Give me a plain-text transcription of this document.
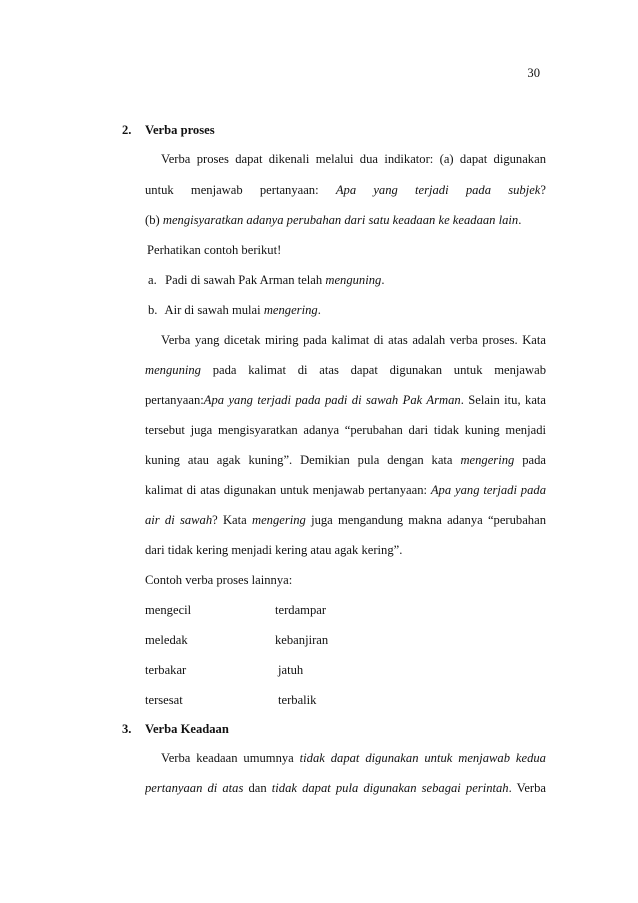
30
2. Verba proses
Verba proses dapat dikenali melalui dua indikator: (a) dapat digunakan
untuk menjawab pertanyaan: Apa yang terjadi pada subjek?
(b) mengisyaratkan adanya perubahan dari satu keadaan ke keadaan lain.
Perhatikan contoh berikut!
a. Padi di sawah Pak Arman telah menguning.
b. Air di sawah mulai mengering.
Verba yang dicetak miring pada kalimat di atas adalah verba proses. Kata
menguning pada kalimat di atas dapat digunakan untuk menjawab
pertanyaan:Apa yang terjadi pada padi di sawah Pak Arman. Selain itu, kata
tersebut juga mengisyaratkan adanya “perubahan dari tidak kuning menjadi
kuning atau agak kuning”. Demikian pula dengan kata mengering pada
kalimat di atas digunakan untuk menjawab pertanyaan: Apa yang terjadi pada
air di sawah? Kata mengering juga mengandung makna adanya “perubahan
dari tidak kering menjadi kering atau agak kering”.
Contoh verba proses lainnya:
mengecil	terdampar
meledak	kebanjiran
terbakar	jatuh
tersesat	terbalik
3. Verba Keadaan
Verba keadaan umumnya tidak dapat digunakan untuk menjawab kedua
pertanyaan di atas dan tidak dapat pula digunakan sebagai perintah. Verba
